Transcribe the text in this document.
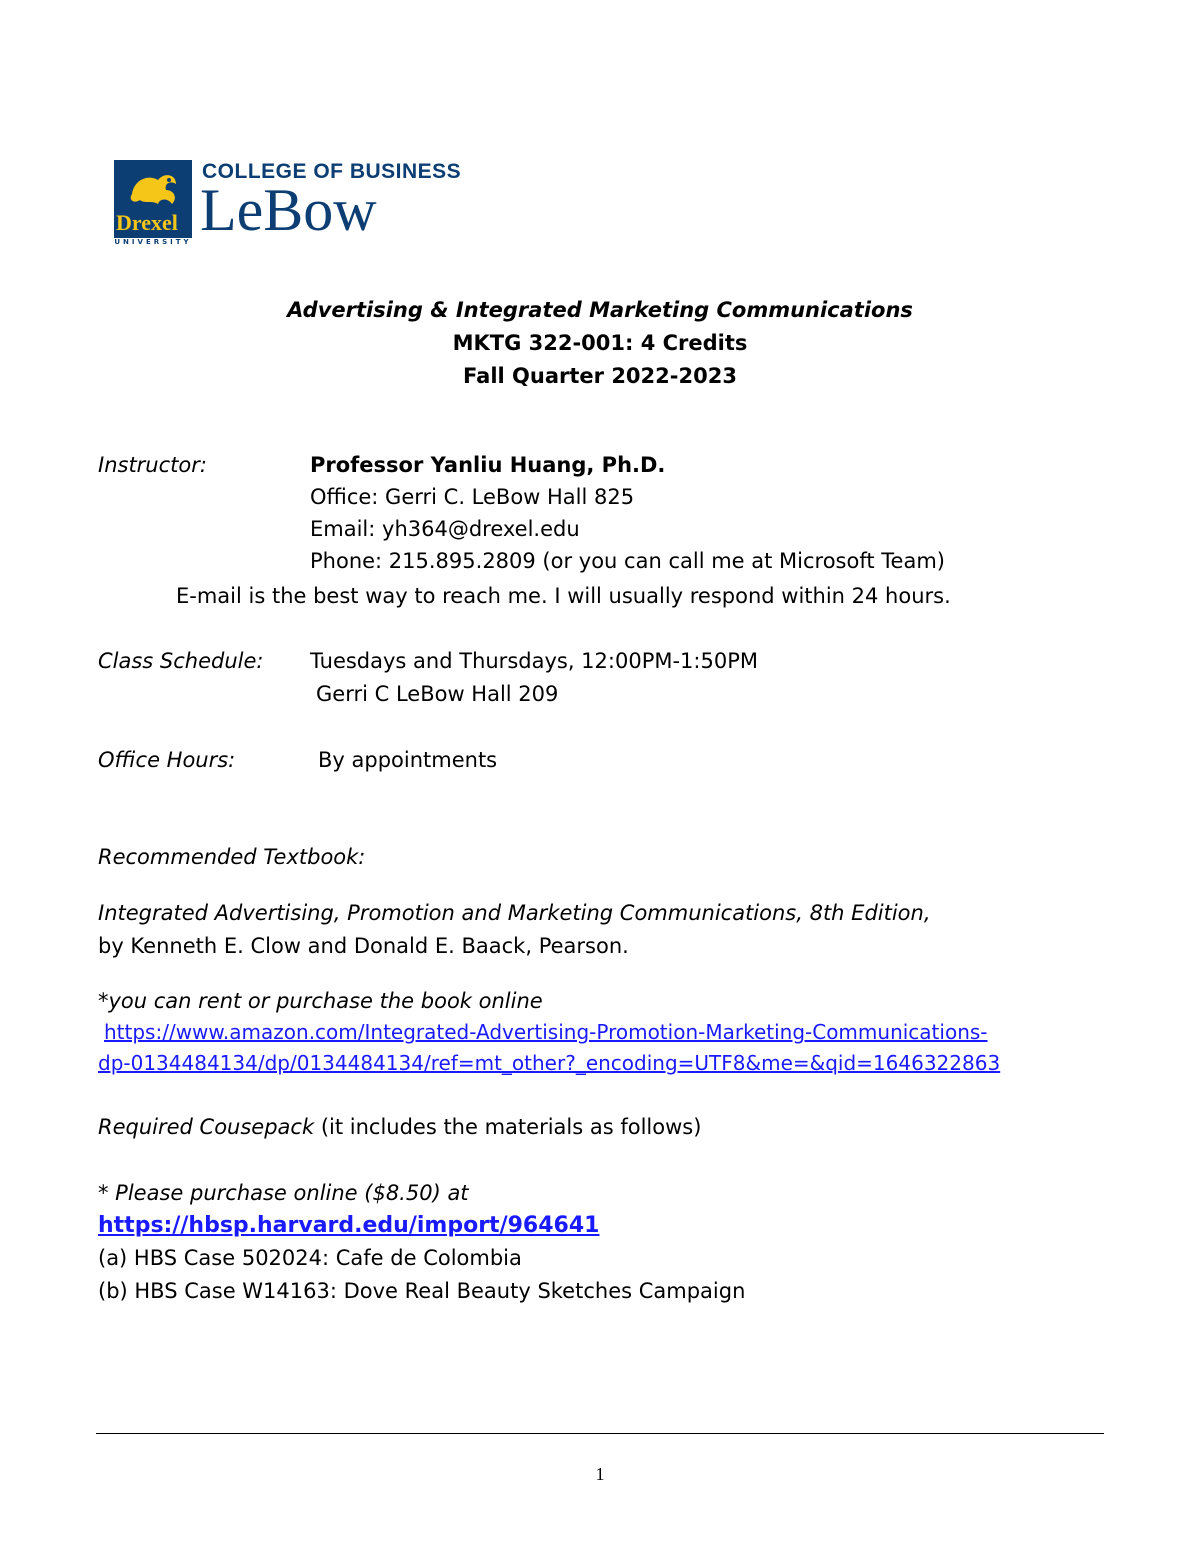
Drexel
UNIVERSITY
COLLEGE OF BUSINESS
LeBow
Advertising & Integrated Marketing Communications
MKTG 322-001: 4 Credits
Fall Quarter 2022-2023
Instructor:	Professor Yanliu Huang, Ph.D.
Office: Gerri C. LeBow Hall 825
Email: yh364@drexel.edu
Phone: 215.895.2809 (or you can call me at Microsoft Team)
E-mail is the best way to reach me. I will usually respond within 24 hours.
Class Schedule: Tuesdays and Thursdays, 12:00PM-1:50PM
Gerri C LeBow Hall 209
Office Hours:	By appointments
Recommended Textbook:
Integrated Advertising, Promotion and Marketing Communications, 8th Edition,
by Kenneth E. Clow and Donald E. Baack, Pearson.
*you can rent or purchase the book online
https://www.amazon.com/Integrated-Advertising-Promotion-Marketing-Communications-
dp-0134484134/dp/0134484134/ref=mt_other?_encoding=UTF8&me=&qid=1646322863
Required Cousepack (it includes the materials as follows)
* Please purchase online ($8.50) at
https://hbsp.harvard.edu/import/964641
(a) HBS Case 502024: Cafe de Colombia
(b) HBS Case W14163: Dove Real Beauty Sketches Campaign
1
